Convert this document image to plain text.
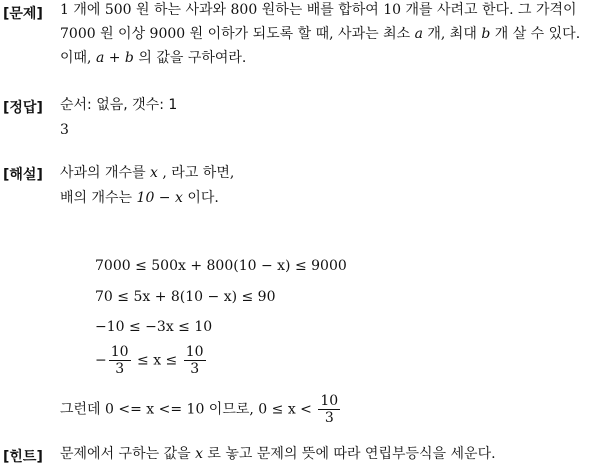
[문제] 1 개에 500 원 하는 사과와 800 원하는 배를 합하여 10 개를 사려고 한다. 그 가격이
7000 원 이상 9000 원 이하가 되도록 할 때, 사과는 최소 a 개, 최대 b 개 살 수 있다.
이때, a + b 의 값을 구하여라.
[정답] 순서: 없음, 갯수: 1
3
[해설] 사과의 개수를 x , 라고 하면,
배의 개수는 10 − x 이다.
7000 ≤ 500x + 800(10 − x) ≤ 9000
70 ≤ 5x + 8(10 − x) ≤ 90
−10 ≤ −3x ≤ 10
− $\frac{10}{3} \le x \le \frac{10}{3}$
그런데 0 <= x <= 10 이므로, $0 \le x < \frac{10}{3}$
[힌트] 문제에서 구하는 값을 x 로 놓고 문제의 뜻에 따라 연립부등식을 세운다.
